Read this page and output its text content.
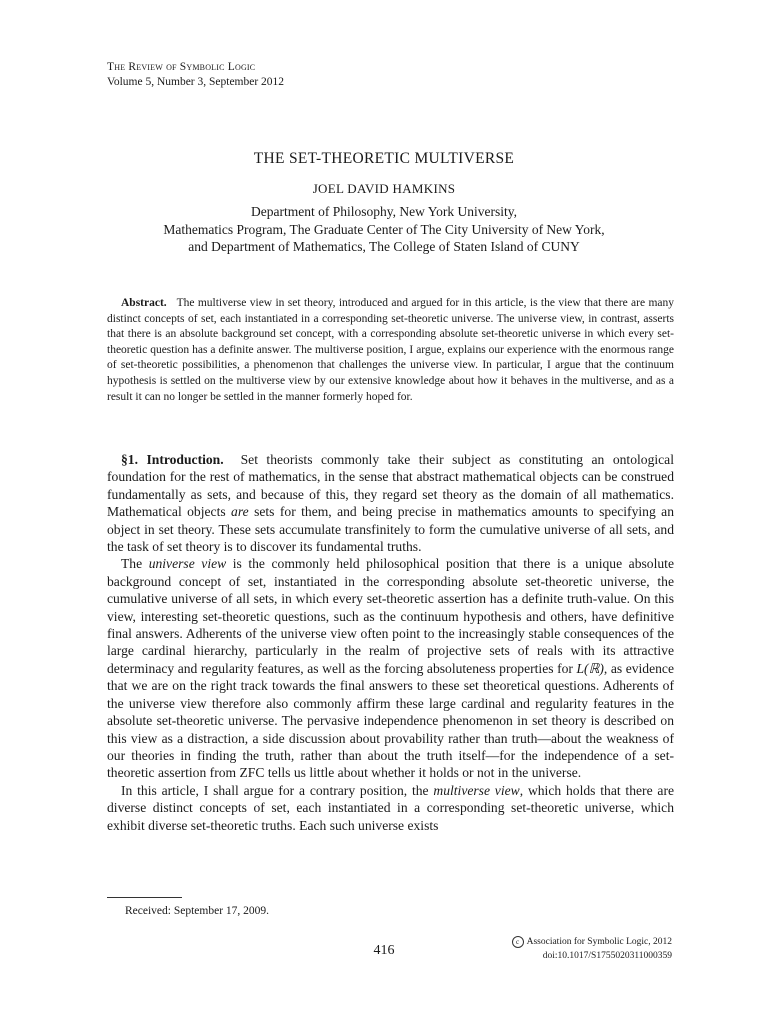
The Review of Symbolic Logic
Volume 5, Number 3, September 2012
THE SET-THEORETIC MULTIVERSE
JOEL DAVID HAMKINS
Department of Philosophy, New York University,
Mathematics Program, The Graduate Center of The City University of New York,
and Department of Mathematics, The College of Staten Island of CUNY
Abstract. The multiverse view in set theory, introduced and argued for in this article, is the view that there are many distinct concepts of set, each instantiated in a corresponding set-theoretic universe. The universe view, in contrast, asserts that there is an absolute background set concept, with a corresponding absolute set-theoretic universe in which every set-theoretic question has a definite answer. The multiverse position, I argue, explains our experience with the enormous range of set-theoretic possibilities, a phenomenon that challenges the universe view. In particular, I argue that the continuum hypothesis is settled on the multiverse view by our extensive knowledge about how it behaves in the multiverse, and as a result it can no longer be settled in the manner formerly hoped for.

§1. Introduction. Set theorists commonly take their subject as constituting an ontological foundation for the rest of mathematics, in the sense that abstract mathematical objects can be construed fundamentally as sets, and because of this, they regard set theory as the domain of all mathematics. Mathematical objects are sets for them, and being precise in mathematics amounts to specifying an object in set theory. These sets accumulate transfinitely to form the cumulative universe of all sets, and the task of set theory is to discover its fundamental truths.

The universe view is the commonly held philosophical position that there is a unique absolute background concept of set, instantiated in the corresponding absolute set-theoretic universe, the cumulative universe of all sets, in which every set-theoretic assertion has a definite truth-value. On this view, interesting set-theoretic questions, such as the continuum hypothesis and others, have definitive final answers. Adherents of the universe view often point to the increasingly stable consequences of the large cardinal hierarchy, particularly in the realm of projective sets of reals with its attractive determinacy and regularity features, as well as the forcing absoluteness properties for L(ℝ), as evidence that we are on the right track towards the final answers to these set theoretical questions. Adherents of the universe view therefore also commonly affirm these large cardinal and regularity features in the absolute set-theoretic universe. The pervasive independence phenomenon in set theory is described on this view as a distraction, a side discussion about provability rather than truth—about the weakness of our theories in finding the truth, rather than about the truth itself—for the independence of a set-theoretic assertion from ZFC tells us little about whether it holds or not in the universe.

In this article, I shall argue for a contrary position, the multiverse view, which holds that there are diverse distinct concepts of set, each instantiated in a corresponding set-theoretic universe, which exhibit diverse set-theoretic truths. Each such universe exists

Received: September 17, 2009.
416
c Association for Symbolic Logic, 2012
doi:10.1017/S1755020311000359
